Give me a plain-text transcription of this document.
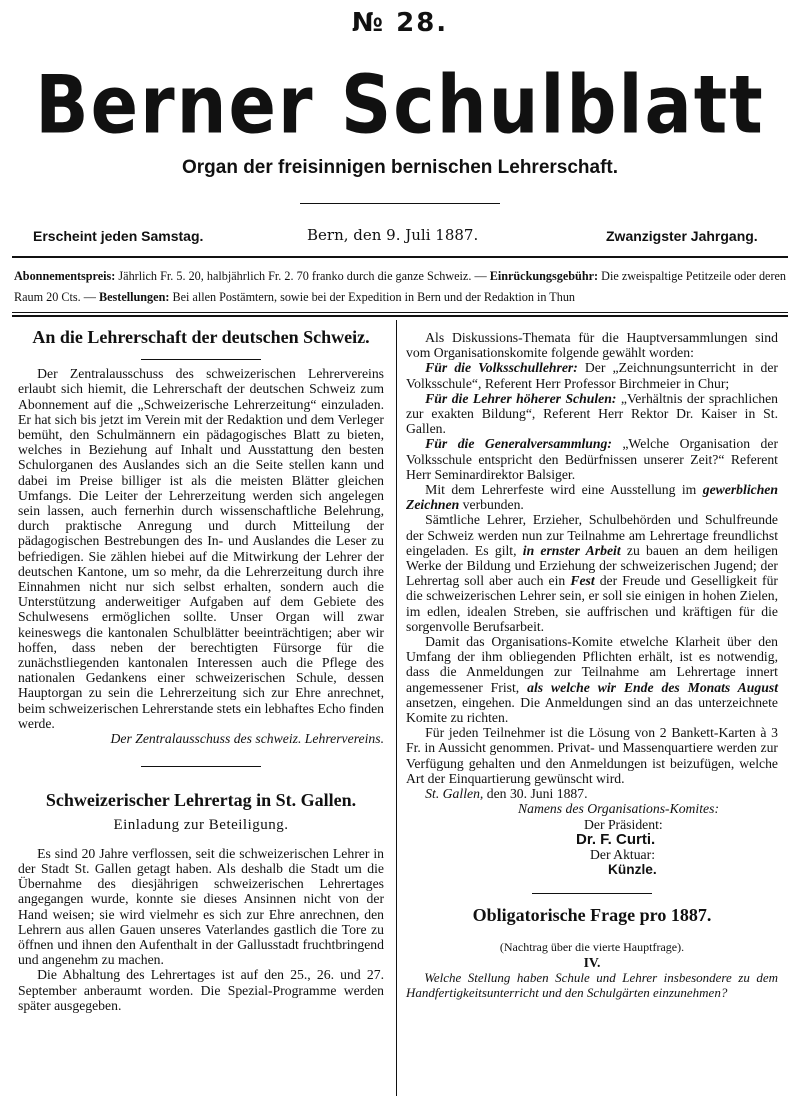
№ 28.
Berner Schulblatt
Organ der freisinnigen bernischen Lehrerschaft.
Erscheint jeden Samstag.	Bern, den 9. Juli 1887.	Zwanzigster Jahrgang.
Abonnementspreis: Jährlich Fr. 5. 20, halbjährlich Fr. 2. 70 franko durch die ganze Schweiz. — Einrückungsgebühr: Die zweispaltige Petitzeile oder deren Raum 20 Cts. — Bestellungen: Bei allen Postämtern, sowie bei der Expedition in Bern und der Redaktion in Thun
An die Lehrerschaft der deutschen Schweiz.

Der Zentralausschuss des schweizerischen Lehrervereins erlaubt sich hiemit, die Lehrerschaft der deutschen Schweiz zum Abonnement auf die „Schweizerische Lehrerzeitung“ einzuladen. Er hat sich bis jetzt im Verein mit der Redaktion und dem Verleger bemüht, den Schulmännern ein pädagogisches Blatt zu bieten, welches in Beziehung auf Inhalt und Ausstattung den besten Schulorganen des Auslandes sich an die Seite stellen kann und dabei im Preise billiger ist als die meisten Blätter gleichen Umfangs. Die Leiter der Lehrerzeitung werden sich angelegen sein lassen, auch fernerhin durch wissenschaftliche Belehrung, durch praktische Anregung und durch Mitteilung der pädagogischen Bestrebungen des In- und Auslandes die Leser zu befriedigen. Sie zählen hiebei auf die Mitwirkung der Lehrer der deutschen Kantone, um so mehr, da die Lehrerzeitung durch ihre Einnahmen nicht nur sich selbst erhalten, sondern auch die Unterstützung anderweitiger Aufgaben auf dem Gebiete des Schulwesens ermöglichen sollte. Unser Organ will zwar keineswegs die kantonalen Schulblätter beeinträchtigen; aber wir hoffen, dass neben der berechtigten Fürsorge für die zunächstliegenden kantonalen Interessen auch die Pflege des nationalen Gedankens einer schweizerischen Schule, dessen Hauptorgan zu sein die Lehrerzeitung sich zur Ehre anrechnet, beim schweizerischen Lehrerstande stets ein lebhaftes Echo finden werde.

Der Zentralausschuss des schweiz. Lehrervereins.
Schweizerischer Lehrertag in St. Gallen.
Einladung zur Beteiligung.

Es sind 20 Jahre verflossen, seit die schweizerischen Lehrer in der Stadt St. Gallen getagt haben. Als deshalb die Stadt um die Übernahme des diesjährigen schweizerischen Lehrertages angegangen wurde, konnte sie dieses Ansinnen nicht von der Hand weisen; sie wird vielmehr es sich zur Ehre anrechnen, den Lehrern aus allen Gauen unseres Vaterlandes gastlich die Tore zu öffnen und ihnen den Aufenthalt in der Gallusstadt fruchtbringend und angenehm zu machen.

Die Abhaltung des Lehrertages ist auf den 25., 26. und 27. September anberaumt worden. Die Spezial-Programme werden später ausgegeben.

Als Diskussions-Themata für die Hauptversammlungen sind vom Organisationskomite folgende gewählt worden:

Für die Volksschullehrer: Der „Zeichnungsunterricht in der Volksschule“, Referent Herr Professor Birchmeier in Chur;

Für die Lehrer höherer Schulen: „Verhältnis der sprachlichen zur exakten Bildung“, Referent Herr Rektor Dr. Kaiser in St. Gallen.

Für die Generalversammlung: „Welche Organisation der Volksschule entspricht den Bedürfnissen unserer Zeit?“ Referent Herr Seminardirektor Balsiger.

Mit dem Lehrerfeste wird eine Ausstellung im gewerblichen Zeichnen verbunden.

Sämtliche Lehrer, Erzieher, Schulbehörden und Schulfreunde der Schweiz werden nun zur Teilnahme am Lehrertage freundlichst eingeladen. Es gilt, in ernster Arbeit zu bauen an dem heiligen Werke der Bildung und Erziehung der schweizerischen Jugend; der Lehrertag soll aber auch ein Fest der Freude und Geselligkeit für die schweizerischen Lehrer sein, er soll sie einigen in hohen Zielen, im edlen, idealen Streben, sie auffrischen und kräftigen für die sorgenvolle Berufsarbeit.

Damit das Organisations-Komite etwelche Klarheit über den Umfang der ihm obliegenden Pflichten erhält, ist es notwendig, dass die Anmeldungen zur Teilnahme am Lehrertage innert angemessener Frist, als welche wir Ende des Monats August ansetzen, eingehen. Die Anmeldungen sind an das unterzeichnete Komite zu richten.

Für jeden Teilnehmer ist die Lösung von 2 Bankett-Karten à 3 Fr. in Aussicht genommen. Privat- und Massenquartiere werden zur Verfügung gehalten und den Anmeldungen ist beizufügen, welche Art der Einquartierung gewünscht wird.

St. Gallen, den 30. Juni 1887.

Namens des Organisations-Komites:
Der Präsident:
Dr. F. Curti.
Der Aktuar:
Künzle.
Obligatorische Frage pro 1887.
(Nachtrag über die vierte Hauptfrage).
IV.

Welche Stellung haben Schule und Lehrer insbesondere zu dem Handfertigkeitsunterricht und den Schulgärten einzunehmen?
